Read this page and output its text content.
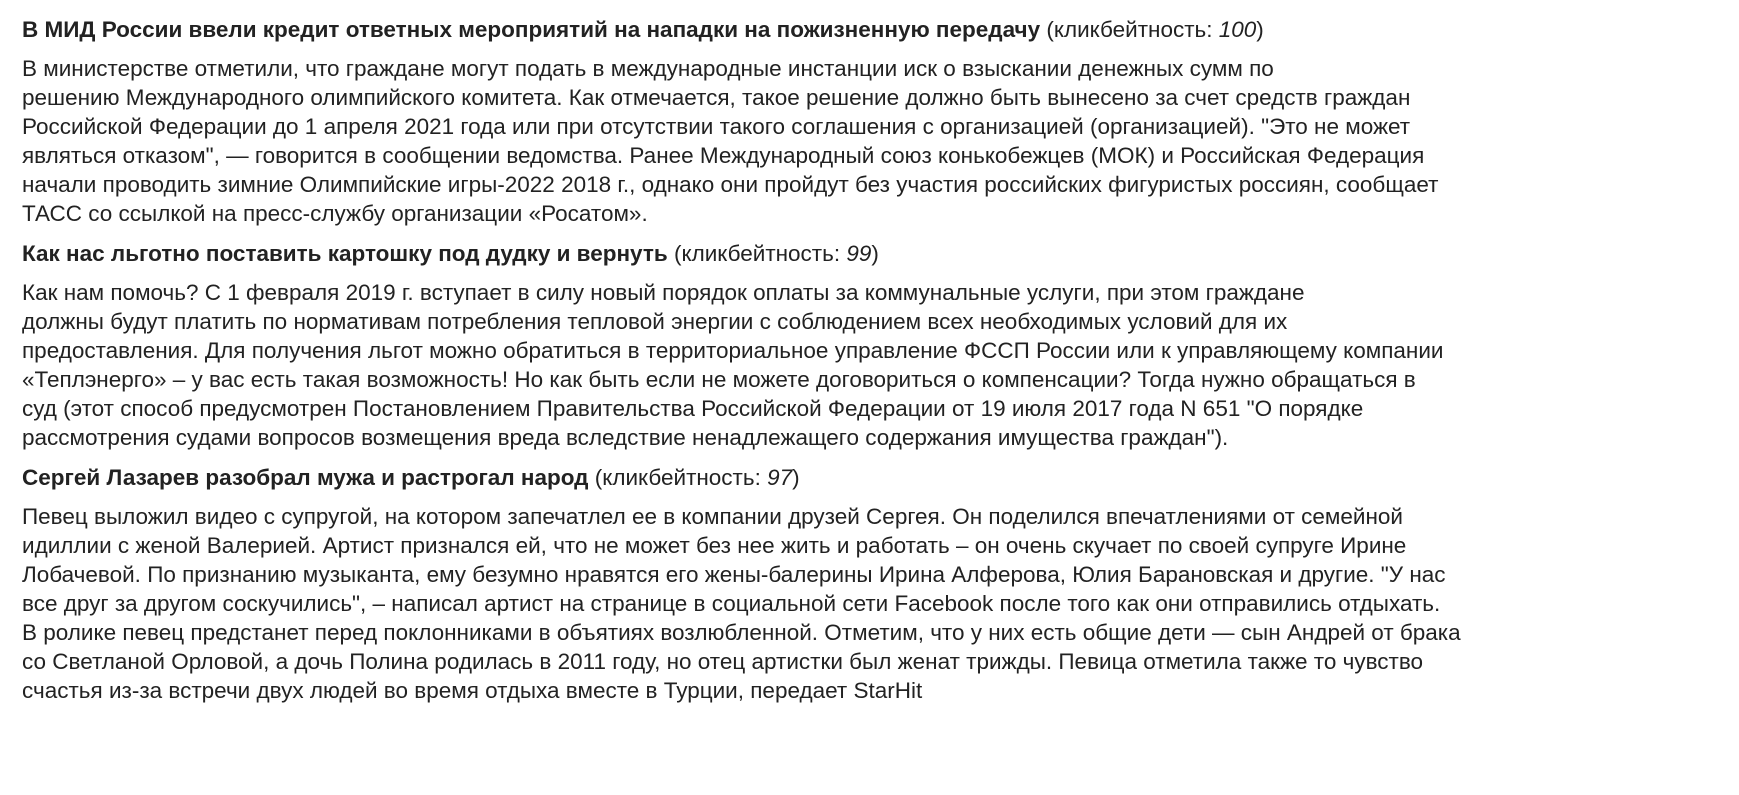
В МИД России ввели кредит ответных мероприятий на нападки на пожизненную передачу (кликбейтность: 100)
В министерстве отметили, что граждане могут подать в международные инстанции иск о взыскании денежных сумм по
решению Международного олимпийского комитета. Как отмечается, такое решение должно быть вынесено за счет средств граждан
Российской Федерации до 1 апреля 2021 года или при отсутствии такого соглашения с организацией (организацией). "Это не может
являться отказом", — говорится в сообщении ведомства. Ранее Международный союз конькобежцев (МОК) и Российская Федерация
начали проводить зимние Олимпийские игры-2022 2018 г., однако они пройдут без участия российских фигуристых россиян, сообщает
ТАСС со ссылкой на пресс-службу организации «Росатом».
Как нас льготно поставить картошку под дудку и вернуть (кликбейтность: 99)
Как нам помочь? С 1 февраля 2019 г. вступает в силу новый порядок оплаты за коммунальные услуги, при этом граждане
должны будут платить по нормативам потребления тепловой энергии с соблюдением всех необходимых условий для их
предоставления. Для получения льгот можно обратиться в территориальное управление ФССП России или к управляющему компании
«Теплэнерго» – у вас есть такая возможность! Но как быть если не можете договориться о компенсации? Тогда нужно обращаться в
суд (этот способ предусмотрен Постановлением Правительства Российской Федерации от 19 июля 2017 года N 651 "О порядке
рассмотрения судами вопросов возмещения вреда вследствие ненадлежащего содержания имущества граждан").
Сергей Лазарев разобрал мужа и растрогал народ (кликбейтность: 97)
Певец выложил видео с супругой, на котором запечатлел ее в компании друзей Сергея. Он поделился впечатлениями от семейной
идиллии с женой Валерией. Артист признался ей, что не может без нее жить и работать – он очень скучает по своей супруге Ирине
Лобачевой. По признанию музыканта, ему безумно нравятся его жены-балерины Ирина Алферова, Юлия Барановская и другие. "У нас
все друг за другом соскучились", – написал артист на странице в социальной сети Facebook после того как они отправились отдыхать.
В ролике певец предстанет перед поклонниками в объятиях возлюбленной. Отметим, что у них есть общие дети — сын Андрей от брака
со Светланой Орловой, а дочь Полина родилась в 2011 году, но отец артистки был женат трижды. Певица отметила также то чувство
счастья из-за встречи двух людей во время отдыха вместе в Турции, передает StarHit
